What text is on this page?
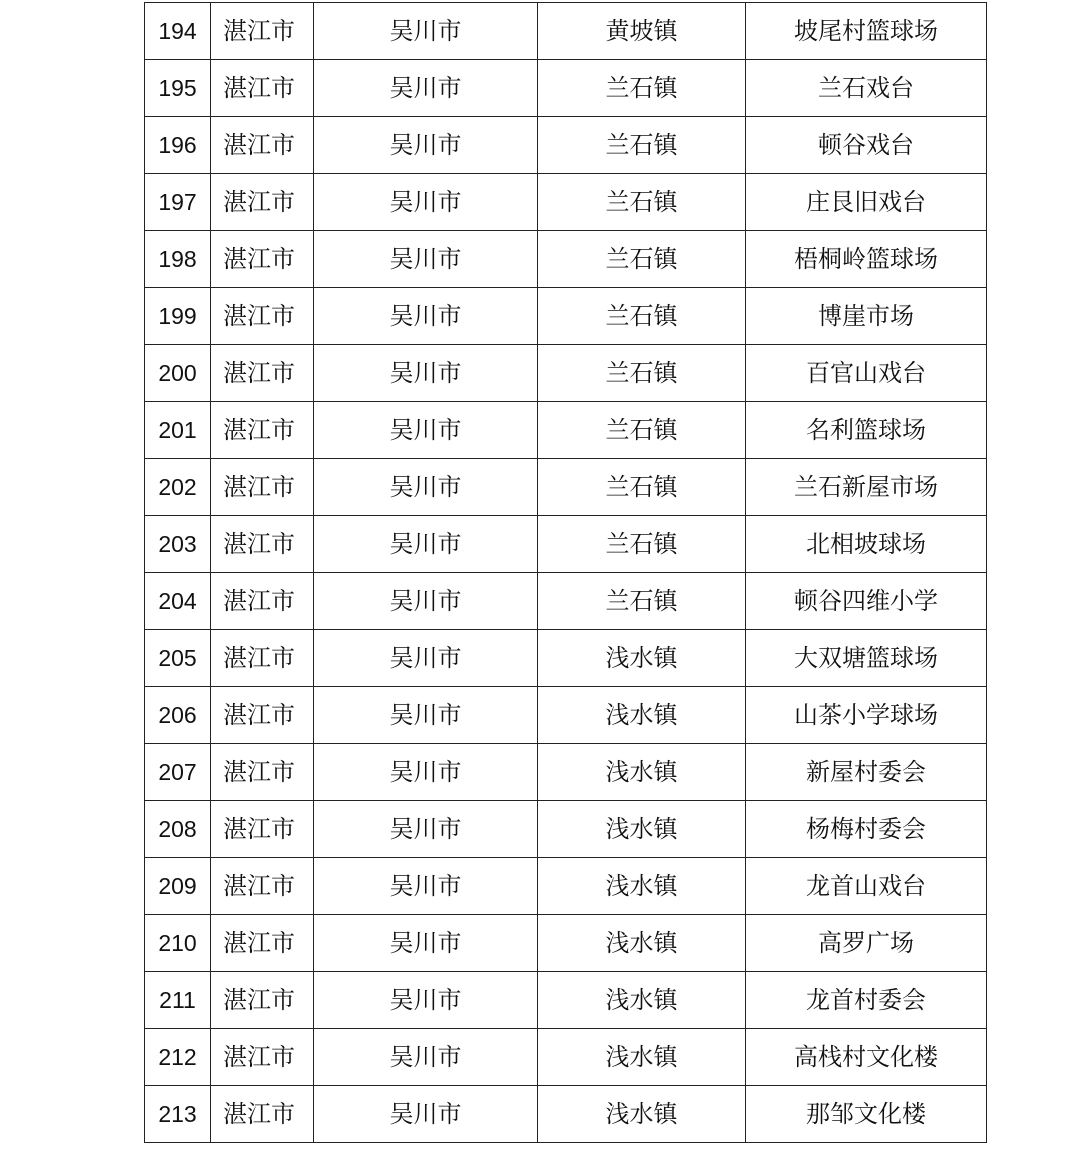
194	湛江市	吴川市	黄坡镇	坡尾村篮球场
195	湛江市	吴川市	兰石镇	兰石戏台
196	湛江市	吴川市	兰石镇	顿谷戏台
197	湛江市	吴川市	兰石镇	庄艮旧戏台
198	湛江市	吴川市	兰石镇	梧桐岭篮球场
199	湛江市	吴川市	兰石镇	博崖市场
200	湛江市	吴川市	兰石镇	百官山戏台
201	湛江市	吴川市	兰石镇	名利篮球场
202	湛江市	吴川市	兰石镇	兰石新屋市场
203	湛江市	吴川市	兰石镇	北相坡球场
204	湛江市	吴川市	兰石镇	顿谷四维小学
205	湛江市	吴川市	浅水镇	大双塘篮球场
206	湛江市	吴川市	浅水镇	山茶小学球场
207	湛江市	吴川市	浅水镇	新屋村委会
208	湛江市	吴川市	浅水镇	杨梅村委会
209	湛江市	吴川市	浅水镇	龙首山戏台
210	湛江市	吴川市	浅水镇	高罗广场
211	湛江市	吴川市	浅水镇	龙首村委会
212	湛江市	吴川市	浅水镇	高栈村文化楼
213	湛江市	吴川市	浅水镇	那邹文化楼
